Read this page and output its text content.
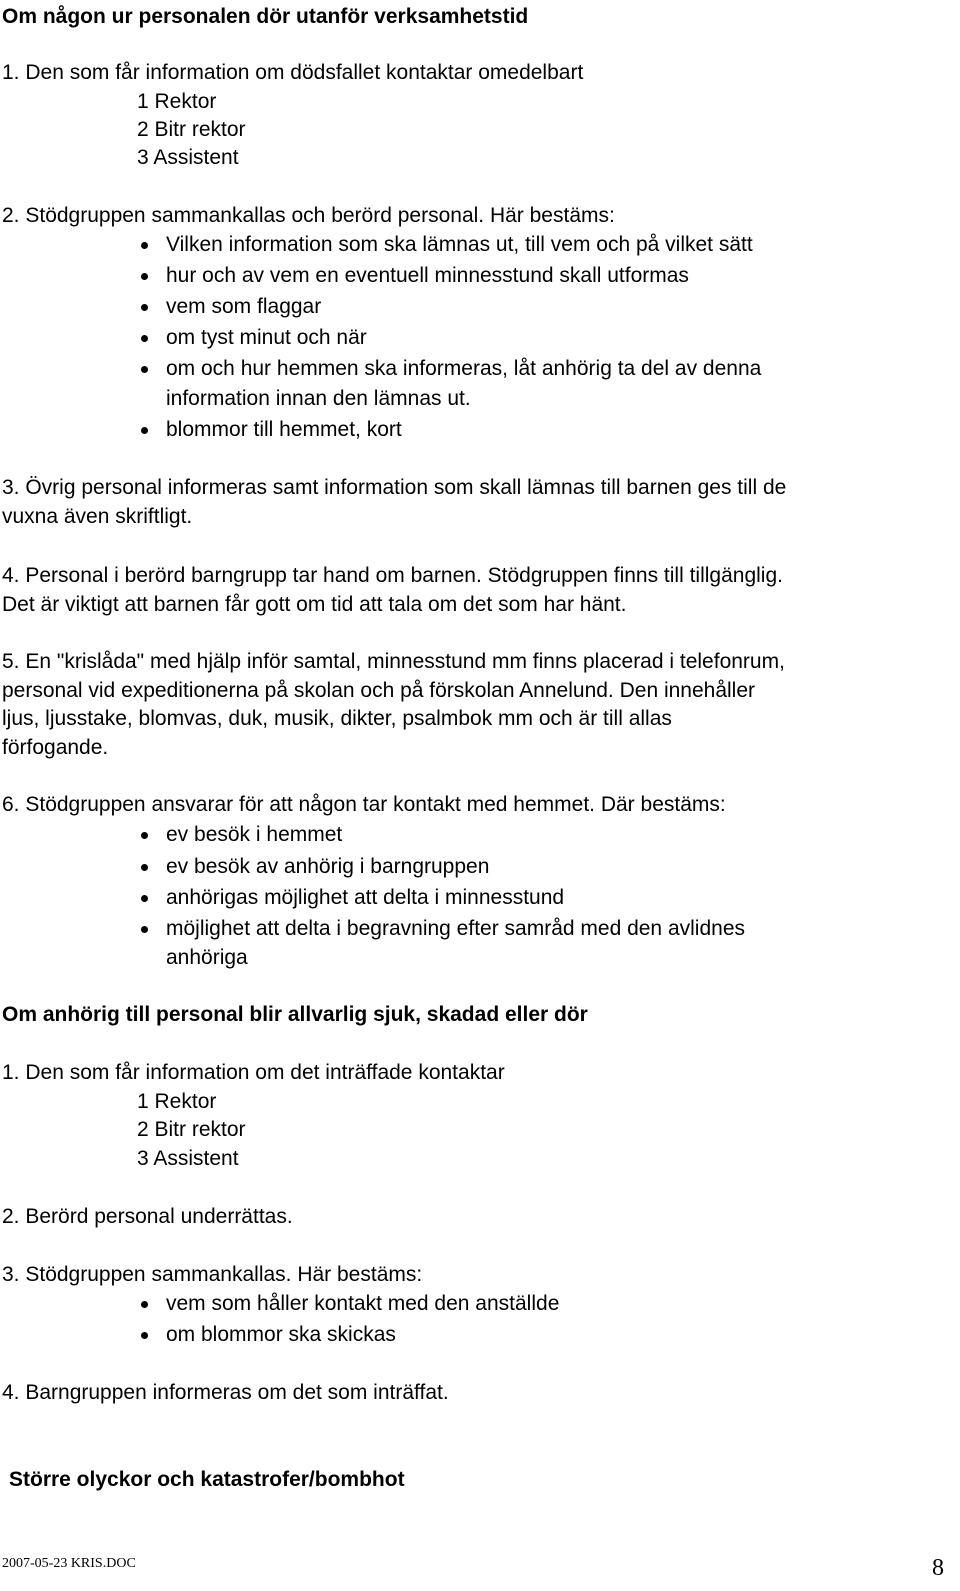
Om någon ur personalen dör utanför verksamhetstid
1. Den som får information om dödsfallet kontaktar omedelbart
1 Rektor
2 Bitr rektor
3 Assistent
2. Stödgruppen sammankallas och berörd personal. Här bestäms:
Vilken information som ska lämnas ut, till vem och på vilket sätt
hur och av vem en eventuell minnesstund skall utformas
vem som flaggar
om tyst minut och när
om och hur hemmen ska informeras, låt anhörig ta del av denna
information innan den lämnas ut.
blommor till hemmet, kort
3. Övrig personal informeras samt information som skall lämnas till barnen ges till de
vuxna även skriftligt.
4. Personal i berörd barngrupp tar hand om barnen. Stödgruppen finns till tillgänglig.
Det är viktigt att barnen får gott om tid att tala om det som har hänt.
5. En "krislåda" med hjälp inför samtal, minnesstund mm finns placerad i telefonrum,
personal vid expeditionerna på skolan och på förskolan Annelund. Den innehåller
ljus, ljusstake, blomvas, duk, musik, dikter, psalmbok mm och är till allas
förfogande.
6. Stödgruppen ansvarar för att någon tar kontakt med hemmet. Där bestäms:
ev besök i hemmet
ev besök av anhörig i barngruppen
anhörigas möjlighet att delta i minnesstund
möjlighet att delta i begravning efter samråd med den avlidnes
anhöriga
Om anhörig till personal blir allvarlig sjuk, skadad eller dör
1. Den som får information om det inträffade kontaktar
1 Rektor
2 Bitr rektor
3 Assistent
2. Berörd personal underrättas.
3. Stödgruppen sammankallas. Här bestäms:
vem som håller kontakt med den anställde
om blommor ska skickas
4. Barngruppen informeras om det som inträffat.
Större olyckor och katastrofer/bombhot
2007-05-23 KRIS.DOC	8
